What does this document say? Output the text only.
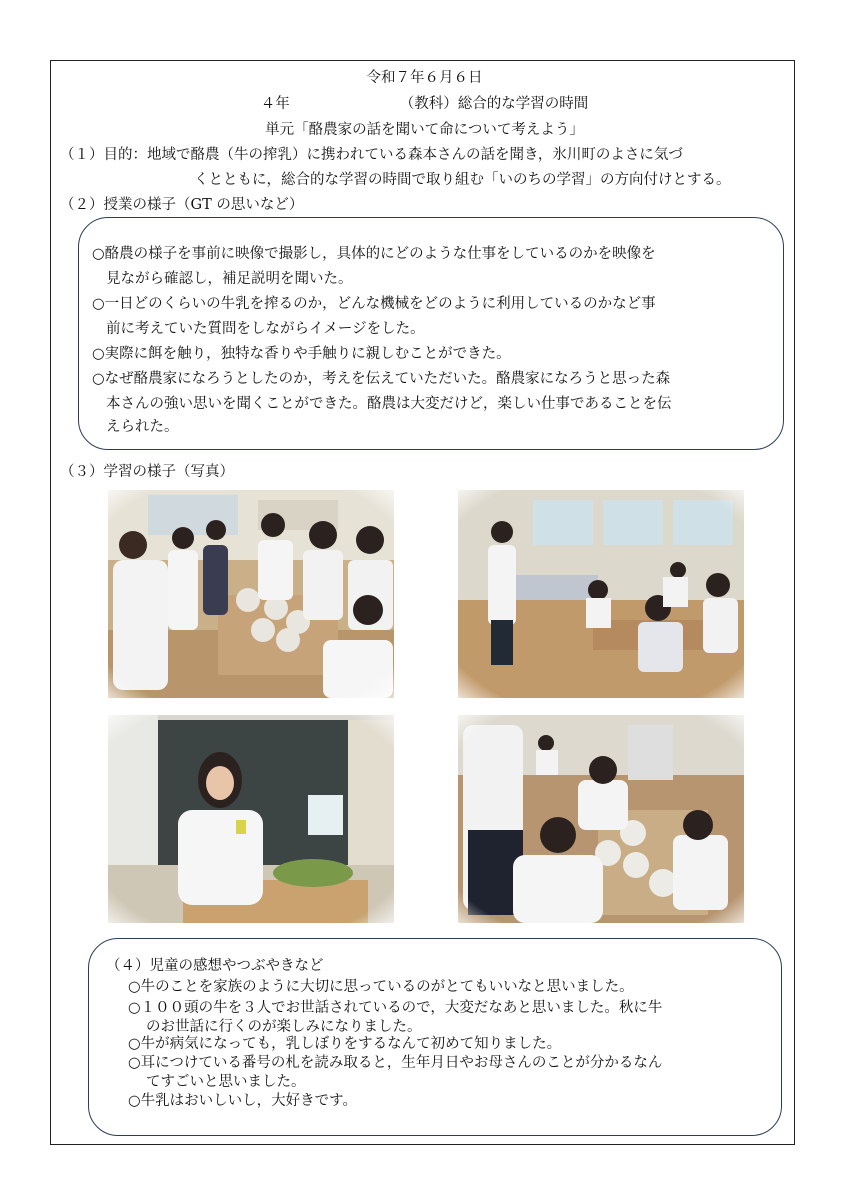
令和７年６月６日
４年	（教科）総合的な学習の時間
単元「酪農家の話を聞いて命について考えよう」
（１）目的：地域で酪農（牛の搾乳）に携われている森本さんの話を聞き，氷川町のよさに気づ
くとともに，総合的な学習の時間で取り組む「いのちの学習」の方向付けとする。
（２）授業の様子（GT の思いなど）
○酪農の様子を事前に映像で撮影し，具体的にどのような仕事をしているのかを映像を
見ながら確認し，補足説明を聞いた。
○一日どのくらいの牛乳を搾るのか，どんな機械をどのように利用しているのかなど事
前に考えていた質問をしながらイメージをした。
○実際に餌を触り，独特な香りや手触りに親しむことができた。
○なぜ酪農家になろうとしたのか，考えを伝えていただいた。酪農家になろうと思った森
本さんの強い思いを聞くことができた。酪農は大変だけど，楽しい仕事であることを伝
えられた。
（３）学習の様子（写真）
（４）児童の感想やつぶやきなど
○牛のことを家族のように大切に思っているのがとてもいいなと思いました。
○１００頭の牛を３人でお世話されているので，大変だなあと思いました。秋に牛
のお世話に行くのが楽しみになりました。
○牛が病気になっても，乳しぼりをするなんて初めて知りました。
○耳につけている番号の札を読み取ると，生年月日やお母さんのことが分かるなん
てすごいと思いました。
○牛乳はおいしいし，大好きです。
